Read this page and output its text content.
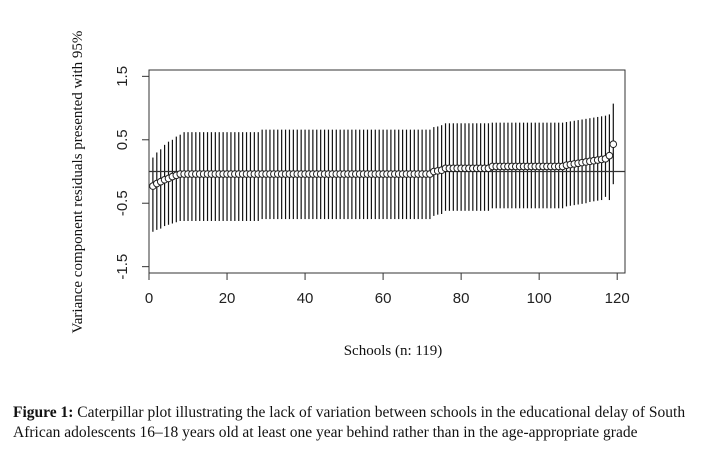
0	20	40	60	80	100	120
1.5
0.5
-0.5
-1.5
Schools (n: 119)
Variance component residuals presented with 95%
Figure 1: Caterpillar plot illustrating the lack of variation between schools in the educational delay of South African adolescents 16–18 years old at least one year behind rather than in the age-appropriate grade
